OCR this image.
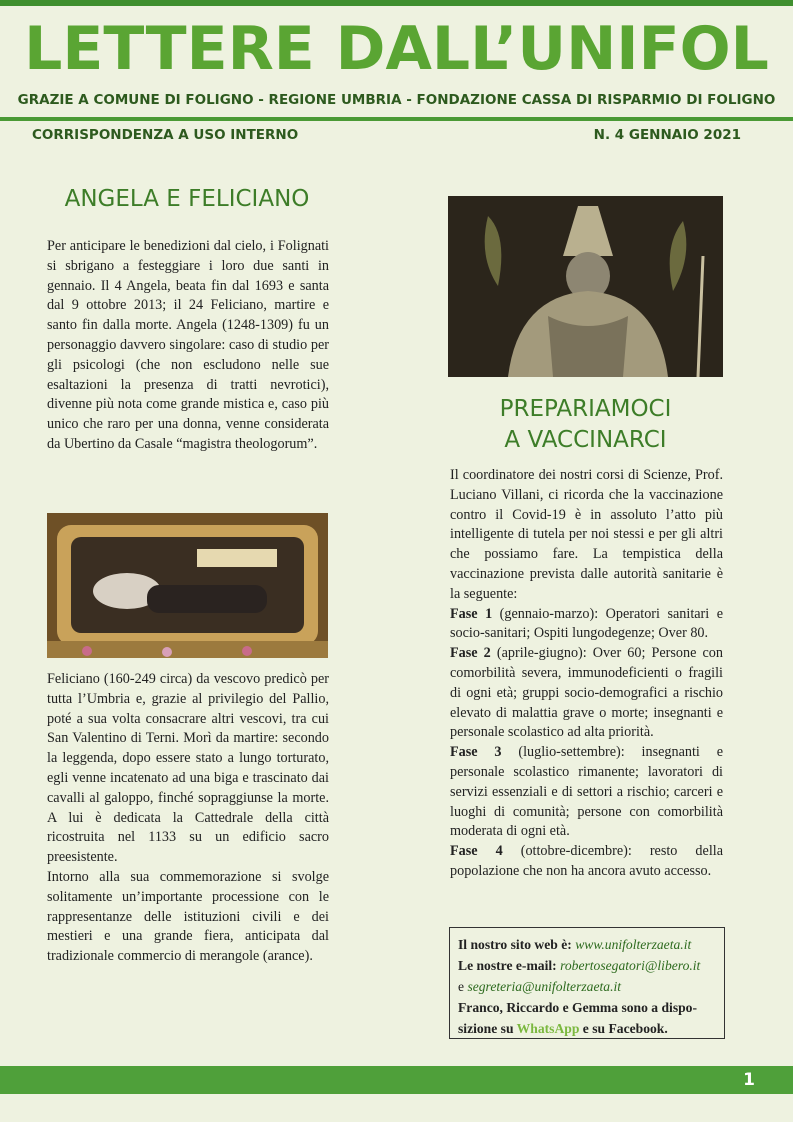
LETTERE DALL’UNIFOL
GRAZIE A COMUNE DI FOLIGNO - REGIONE UMBRIA - FONDAZIONE CASSA DI RISPARMIO DI FOLIGNO
CORRISPONDENZA A USO INTERNO	N. 4 GENNAIO 2021
ANGELA E FELICIANO

Per anticipare le benedizioni dal cielo, i Folignati si sbrigano a festeggiare i loro due santi in gennaio. Il 4 Angela, beata fin dal 1693 e santa dal 9 ottobre 2013; il 24 Feliciano, martire e santo fin dalla morte. Angela (1248-1309) fu un personaggio davvero singolare: caso di studio per gli psicologi (che non escludono nelle sue esaltazioni la presenza di tratti nevrotici), divenne più nota come grande mistica e, caso più unico che raro per una donna, venne considerata da Ubertino da Casale “magistra theologorum”.

Feliciano (160-249 circa) da vescovo predicò per tutta l’Umbria e, grazie al privilegio del Pallio, poté a sua volta consacrare altri vescovi, tra cui San Valentino di Terni. Morì da martire: secondo la leggenda, dopo essere stato a lungo torturato, egli venne incatenato ad una biga e trascinato dai cavalli al galoppo, finché sopraggiunse la morte. A lui è dedicata la Cattedrale della città ricostruita nel 1133 su un edificio sacro preesistente.

Intorno alla sua commemorazione si svolge solitamente un’importante processione con le rappresentanze delle istituzioni civili e dei mestieri e una grande fiera, anticipata dal tradizionale commercio di merangole (arance).

PREPARIAMOCI
A VACCINARCI

Il coordinatore dei nostri corsi di Scienze, Prof. Luciano Villani, ci ricorda che la vaccinazione contro il Covid-19 è in assoluto l’atto più intelligente di tutela per noi stessi e per gli altri che possiamo fare. La tempistica della vaccinazione prevista dalle autorità sanitarie è la seguente:

Fase 1 (gennaio-marzo): Operatori sanitari e socio-sanitari; Ospiti lungodegenze; Over 80.

Fase 2 (aprile-giugno): Over 60; Persone con comorbilità severa, immunodeficienti o fragili di ogni età; gruppi socio-demografici a rischio elevato di malattia grave o morte; insegnanti e personale scolastico ad alta priorità.

Fase 3 (luglio-settembre): insegnanti e personale scolastico rimanente; lavoratori di servizi essenziali e di settori a rischio; carceri e luoghi di comunità; persone con comorbilità moderata di ogni età.

Fase 4 (ottobre-dicembre): resto della popolazione che non ha ancora avuto accesso.

Il nostro sito web è: www.unifolterzaeta.it
Le nostre e-mail: robertosegatori@libero.it
e segreteria@unifolterzaeta.it
Franco, Riccardo e Gemma sono a dispo-
sizione su WhatsApp e su Facebook.
1
